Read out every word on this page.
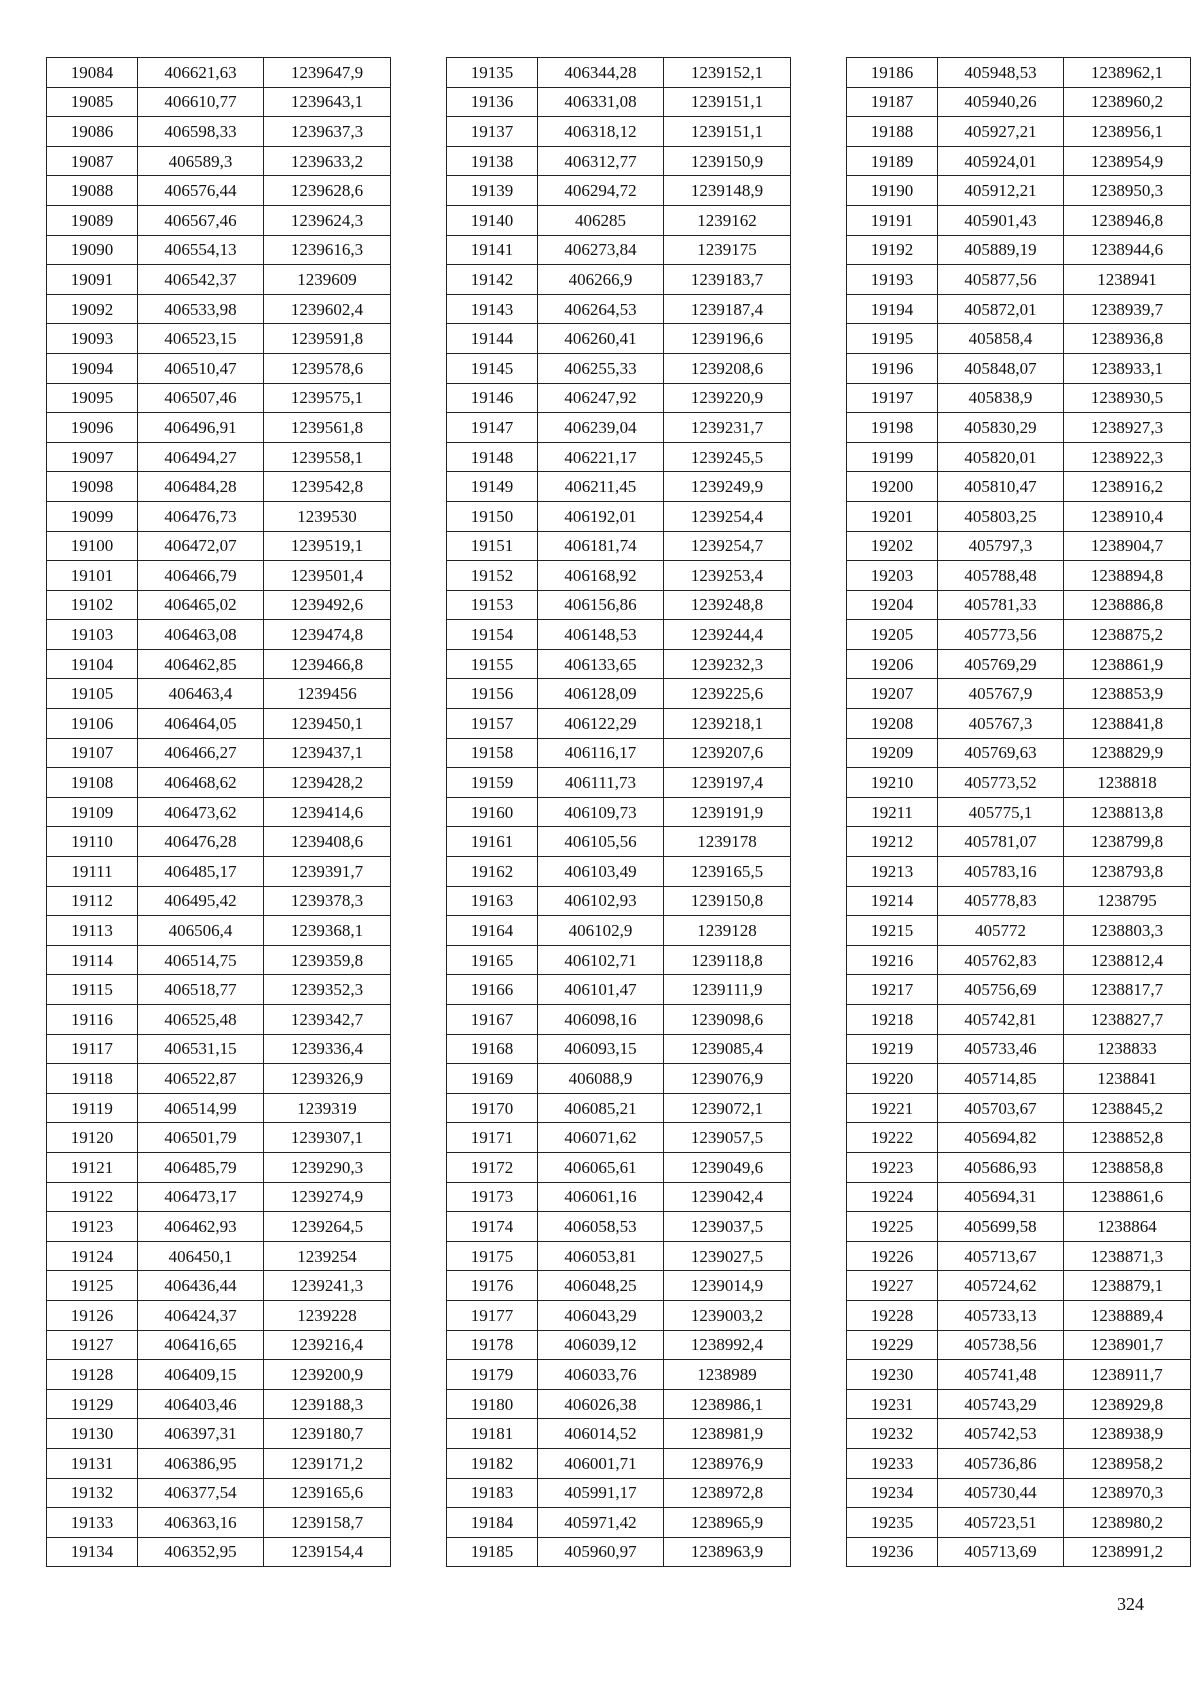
19084	406621,63	1239647,9
19085	406610,77	1239643,1
19086	406598,33	1239637,3
19087	406589,3	1239633,2
19088	406576,44	1239628,6
19089	406567,46	1239624,3
19090	406554,13	1239616,3
19091	406542,37	1239609
19092	406533,98	1239602,4
19093	406523,15	1239591,8
19094	406510,47	1239578,6
19095	406507,46	1239575,1
19096	406496,91	1239561,8
19097	406494,27	1239558,1
19098	406484,28	1239542,8
19099	406476,73	1239530
19100	406472,07	1239519,1
19101	406466,79	1239501,4
19102	406465,02	1239492,6
19103	406463,08	1239474,8
19104	406462,85	1239466,8
19105	406463,4	1239456
19106	406464,05	1239450,1
19107	406466,27	1239437,1
19108	406468,62	1239428,2
19109	406473,62	1239414,6
19110	406476,28	1239408,6
19111	406485,17	1239391,7
19112	406495,42	1239378,3
19113	406506,4	1239368,1
19114	406514,75	1239359,8
19115	406518,77	1239352,3
19116	406525,48	1239342,7
19117	406531,15	1239336,4
19118	406522,87	1239326,9
19119	406514,99	1239319
19120	406501,79	1239307,1
19121	406485,79	1239290,3
19122	406473,17	1239274,9
19123	406462,93	1239264,5
19124	406450,1	1239254
19125	406436,44	1239241,3
19126	406424,37	1239228
19127	406416,65	1239216,4
19128	406409,15	1239200,9
19129	406403,46	1239188,3
19130	406397,31	1239180,7
19131	406386,95	1239171,2
19132	406377,54	1239165,6
19133	406363,16	1239158,7
19134	406352,95	1239154,4
19135	406344,28	1239152,1
19136	406331,08	1239151,1
19137	406318,12	1239151,1
19138	406312,77	1239150,9
19139	406294,72	1239148,9
19140	406285	1239162
19141	406273,84	1239175
19142	406266,9	1239183,7
19143	406264,53	1239187,4
19144	406260,41	1239196,6
19145	406255,33	1239208,6
19146	406247,92	1239220,9
19147	406239,04	1239231,7
19148	406221,17	1239245,5
19149	406211,45	1239249,9
19150	406192,01	1239254,4
19151	406181,74	1239254,7
19152	406168,92	1239253,4
19153	406156,86	1239248,8
19154	406148,53	1239244,4
19155	406133,65	1239232,3
19156	406128,09	1239225,6
19157	406122,29	1239218,1
19158	406116,17	1239207,6
19159	406111,73	1239197,4
19160	406109,73	1239191,9
19161	406105,56	1239178
19162	406103,49	1239165,5
19163	406102,93	1239150,8
19164	406102,9	1239128
19165	406102,71	1239118,8
19166	406101,47	1239111,9
19167	406098,16	1239098,6
19168	406093,15	1239085,4
19169	406088,9	1239076,9
19170	406085,21	1239072,1
19171	406071,62	1239057,5
19172	406065,61	1239049,6
19173	406061,16	1239042,4
19174	406058,53	1239037,5
19175	406053,81	1239027,5
19176	406048,25	1239014,9
19177	406043,29	1239003,2
19178	406039,12	1238992,4
19179	406033,76	1238989
19180	406026,38	1238986,1
19181	406014,52	1238981,9
19182	406001,71	1238976,9
19183	405991,17	1238972,8
19184	405971,42	1238965,9
19185	405960,97	1238963,9
19186	405948,53	1238962,1
19187	405940,26	1238960,2
19188	405927,21	1238956,1
19189	405924,01	1238954,9
19190	405912,21	1238950,3
19191	405901,43	1238946,8
19192	405889,19	1238944,6
19193	405877,56	1238941
19194	405872,01	1238939,7
19195	405858,4	1238936,8
19196	405848,07	1238933,1
19197	405838,9	1238930,5
19198	405830,29	1238927,3
19199	405820,01	1238922,3
19200	405810,47	1238916,2
19201	405803,25	1238910,4
19202	405797,3	1238904,7
19203	405788,48	1238894,8
19204	405781,33	1238886,8
19205	405773,56	1238875,2
19206	405769,29	1238861,9
19207	405767,9	1238853,9
19208	405767,3	1238841,8
19209	405769,63	1238829,9
19210	405773,52	1238818
19211	405775,1	1238813,8
19212	405781,07	1238799,8
19213	405783,16	1238793,8
19214	405778,83	1238795
19215	405772	1238803,3
19216	405762,83	1238812,4
19217	405756,69	1238817,7
19218	405742,81	1238827,7
19219	405733,46	1238833
19220	405714,85	1238841
19221	405703,67	1238845,2
19222	405694,82	1238852,8
19223	405686,93	1238858,8
19224	405694,31	1238861,6
19225	405699,58	1238864
19226	405713,67	1238871,3
19227	405724,62	1238879,1
19228	405733,13	1238889,4
19229	405738,56	1238901,7
19230	405741,48	1238911,7
19231	405743,29	1238929,8
19232	405742,53	1238938,9
19233	405736,86	1238958,2
19234	405730,44	1238970,3
19235	405723,51	1238980,2
19236	405713,69	1238991,2
324
